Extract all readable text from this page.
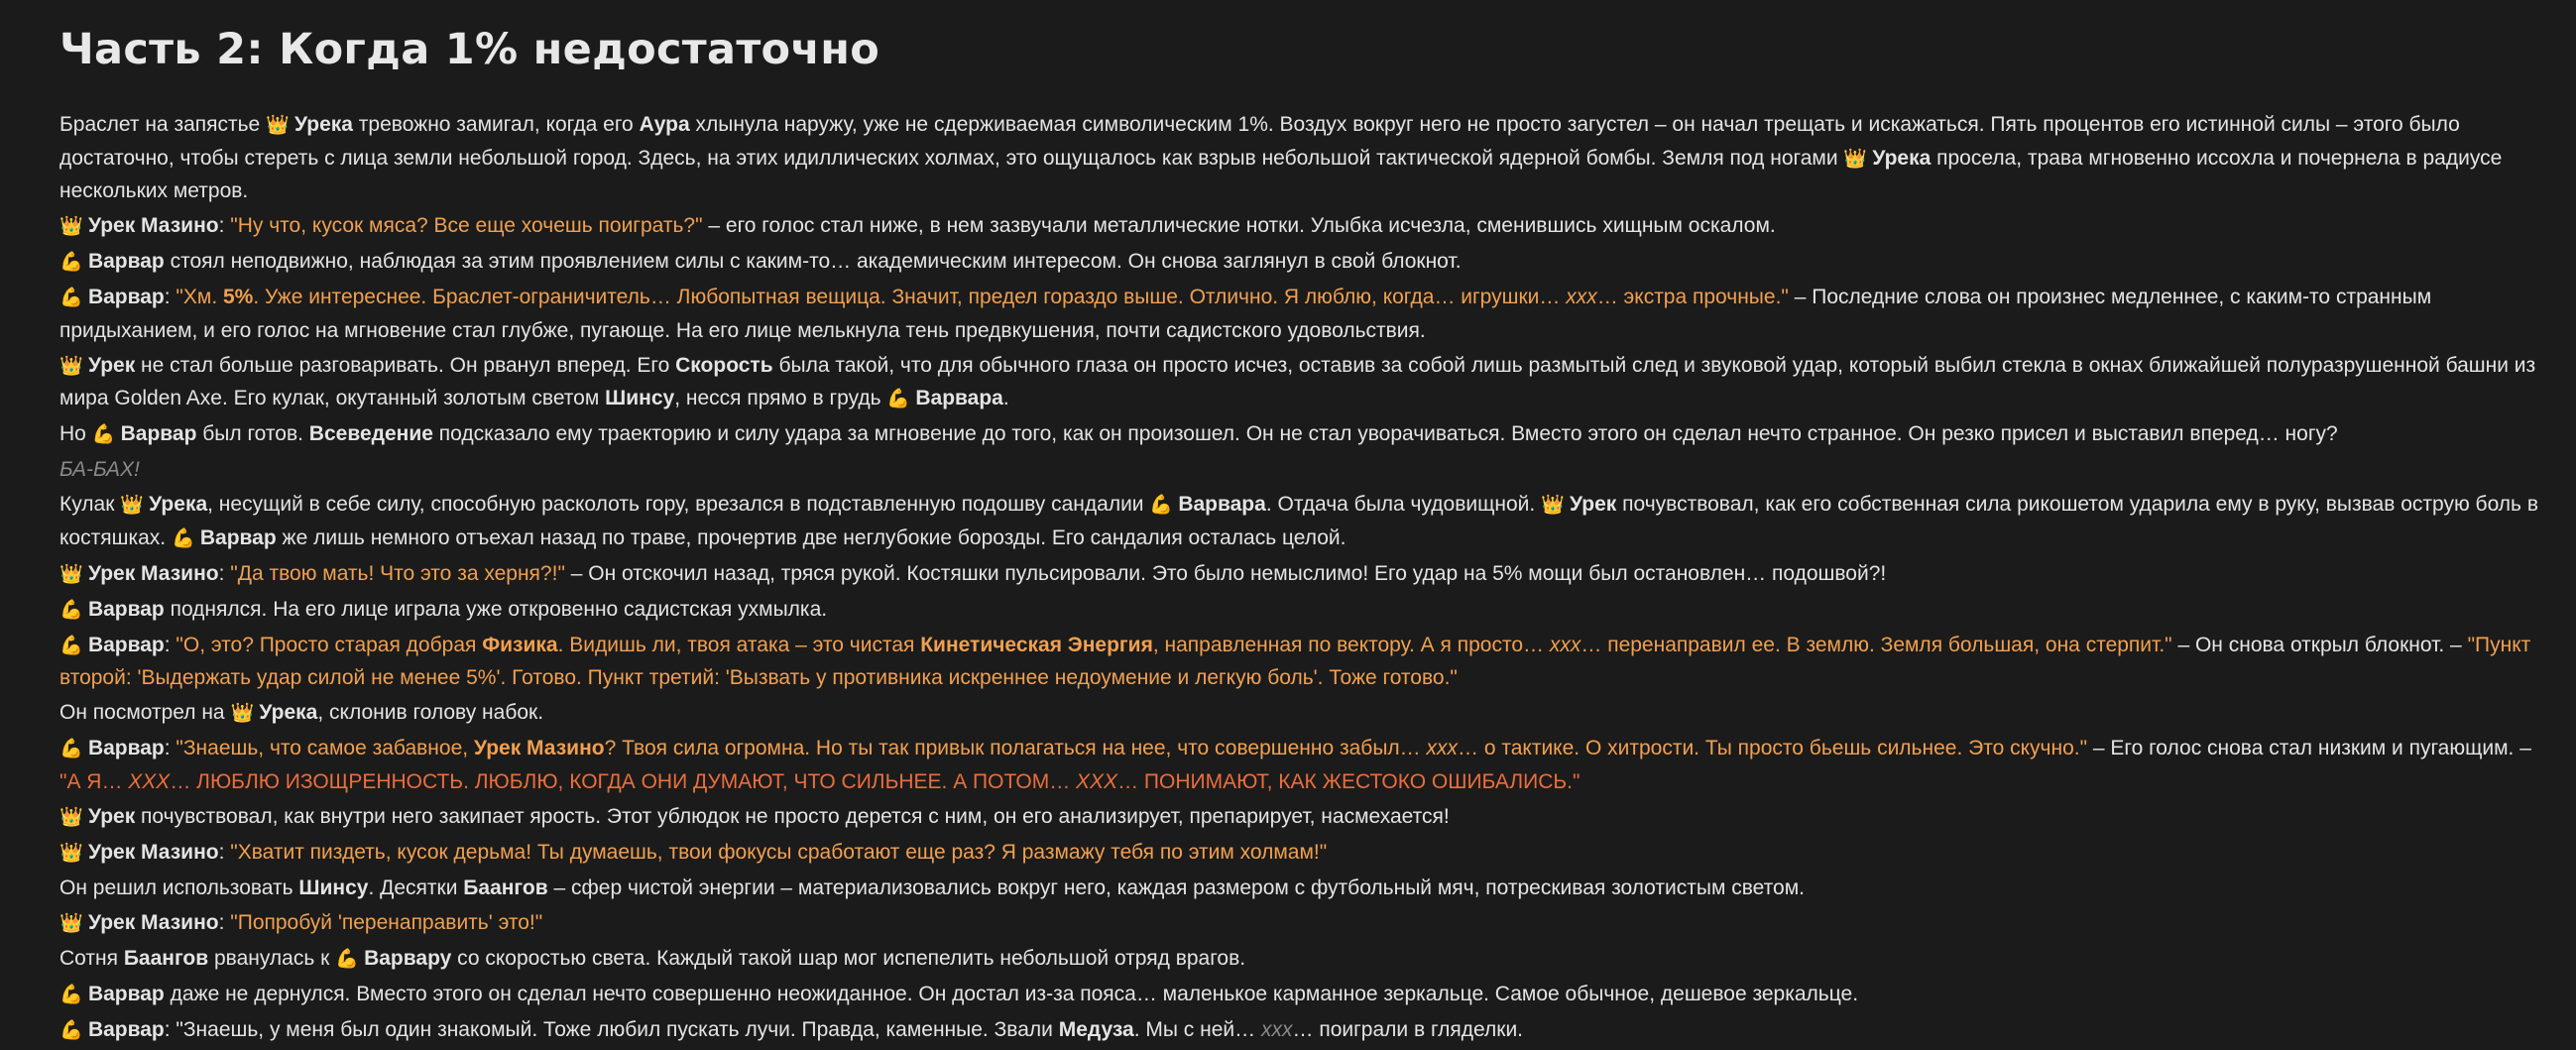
Часть 2: Когда 1% недостаточно

Браслет на запястье 👑 Урека тревожно замигал, когда его Аура хлынула наружу, уже не сдерживаемая символическим 1%. Воздух вокруг него не просто загустел – он начал трещать и искажаться. Пять процентов его истинной силы – этого было достаточно, чтобы стереть с лица земли небольшой город. Здесь, на этих идиллических холмах, это ощущалось как взрыв небольшой тактической ядерной бомбы. Земля под ногами 👑 Урека просела, трава мгновенно иссохла и почернела в радиусе нескольких метров.

👑 Урек Мазино: "Ну что, кусок мяса? Все еще хочешь поиграть?" – его голос стал ниже, в нем зазвучали металлические нотки. Улыбка исчезла, сменившись хищным оскалом.

💪 Варвар стоял неподвижно, наблюдая за этим проявлением силы с каким-то… академическим интересом. Он снова заглянул в свой блокнот.

💪 Варвар: "Хм. 5%. Уже интереснее. Браслет-ограничитель… Любопытная вещица. Значит, предел гораздо выше. Отлично. Я люблю, когда… игрушки… ххх… экстра прочные." – Последние слова он произнес медленнее, с каким-то странным придыханием, и его голос на мгновение стал глубже, пугающе. На его лице мелькнула тень предвкушения, почти садистского удовольствия.

👑 Урек не стал больше разговаривать. Он рванул вперед. Его Скорость была такой, что для обычного глаза он просто исчез, оставив за собой лишь размытый след и звуковой удар, который выбил стекла в окнах ближайшей полуразрушенной башни из мира Golden Axe. Его кулак, окутанный золотым светом Шинсу, несся прямо в грудь 💪 Варвара.

Но 💪 Варвар был готов. Всеведение подсказало ему траекторию и силу удара за мгновение до того, как он произошел. Он не стал уворачиваться. Вместо этого он сделал нечто странное. Он резко присел и выставил вперед… ногу?

БА-БАХ!

Кулак 👑 Урека, несущий в себе силу, способную расколоть гору, врезался в подставленную подошву сандалии 💪 Варвара. Отдача была чудовищной. 👑 Урек почувствовал, как его собственная сила рикошетом ударила ему в руку, вызвав острую боль в костяшках. 💪 Варвар же лишь немного отъехал назад по траве, прочертив две неглубокие борозды. Его сандалия осталась целой.

👑 Урек Мазино: "Да твою мать! Что это за херня?!" – Он отскочил назад, тряся рукой. Костяшки пульсировали. Это было немыслимо! Его удар на 5% мощи был остановлен… подошвой?!

💪 Варвар поднялся. На его лице играла уже откровенно садистская ухмылка.

💪 Варвар: "О, это? Просто старая добрая Физика. Видишь ли, твоя атака – это чистая Кинетическая Энергия, направленная по вектору. А я просто… ххх… перенаправил ее. В землю. Земля большая, она стерпит." – Он снова открыл блокнот. – "Пункт второй: 'Выдержать удар силой не менее 5%'. Готово. Пункт третий: 'Вызвать у противника искреннее недоумение и легкую боль'. Тоже готово."

Он посмотрел на 👑 Урека, склонив голову набок.

💪 Варвар: "Знаешь, что самое забавное, Урек Мазино? Твоя сила огромна. Но ты так привык полагаться на нее, что совершенно забыл… ххх… о тактике. О хитрости. Ты просто бьешь сильнее. Это скучно." – Его голос снова стал низким и пугающим. – "А Я… ХХХ… ЛЮБЛЮ ИЗОЩРЕННОСТЬ. ЛЮБЛЮ, КОГДА ОНИ ДУМАЮТ, ЧТО СИЛЬНЕЕ. А ПОТОМ… ХХХ… ПОНИМАЮТ, КАК ЖЕСТОКО ОШИБАЛИСЬ."

👑 Урек почувствовал, как внутри него закипает ярость. Этот ублюдок не просто дерется с ним, он его анализирует, препарирует, насмехается!

👑 Урек Мазино: "Хватит пиздеть, кусок дерьма! Ты думаешь, твои фокусы сработают еще раз? Я размажу тебя по этим холмам!"

Он решил использовать Шинсу. Десятки Баангов – сфер чистой энергии – материализовались вокруг него, каждая размером с футбольный мяч, потрескивая золотистым светом.

👑 Урек Мазино: "Попробуй 'перенаправить' это!"

Сотня Баангов рванулась к 💪 Варвару со скоростью света. Каждый такой шар мог испепелить небольшой отряд врагов.

💪 Варвар даже не дернулся. Вместо этого он сделал нечто совершенно неожиданное. Он достал из-за пояса… маленькое карманное зеркальце. Самое обычное, дешевое зеркальце.

💪 Варвар: "Знаешь, у меня был один знакомый. Тоже любил пускать лучи. Правда, каменные. Звали Медуза. Мы с ней… ххх… поиграли в гляделки.
